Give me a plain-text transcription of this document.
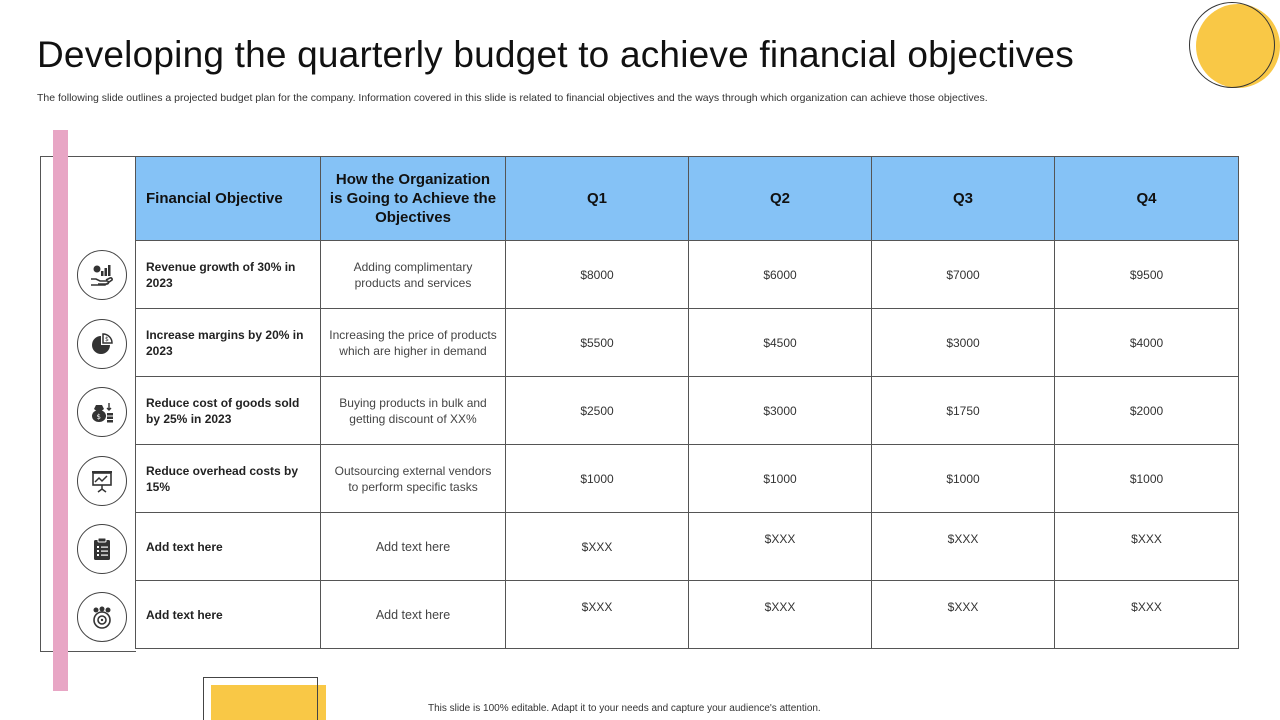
Developing the quarterly budget to achieve financial objectives

The following slide outlines a projected budget plan for the company. Information covered in this slide is related to financial objectives and the ways through which organization can achieve those objectives.

$
$
Financial Objective	How the Organization is Going to Achieve the Objectives	Q1	Q2	Q3	Q4
Revenue growth of 30% in 2023	Adding complimentary products and services	$8000	$6000	$7000	$9500
Increase margins by 20% in 2023	Increasing the price of products which are higher in demand	$5500	$4500	$3000	$4000
Reduce cost of goods sold by 25% in 2023	Buying products in bulk and getting discount of XX%	$2500	$3000	$1750	$2000
Reduce overhead costs by 15%	Outsourcing external vendors to perform specific tasks	$1000	$1000	$1000	$1000
Add text here	Add text here	$XXX	$XXX	$XXX	$XXX
Add text here	Add text here	$XXX	$XXX	$XXX	$XXX

This slide is 100% editable. Adapt it to your needs and capture your audience's attention.
